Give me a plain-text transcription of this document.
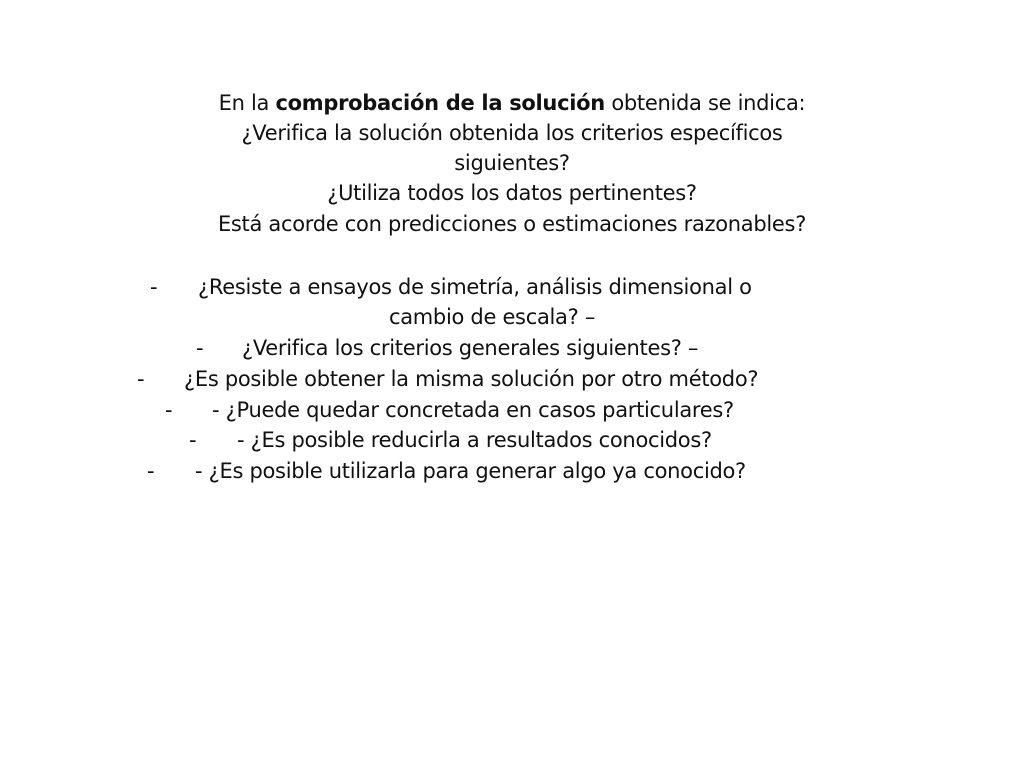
En la comprobación de la solución obtenida se indica:
¿Verifica la solución obtenida los criterios específicos
siguientes?
¿Utiliza todos los datos pertinentes?
Está acorde con predicciones o estimaciones razonables?
- ¿Resiste a ensayos de simetría, análisis dimensional o
cambio de escala? –
- ¿Verifica los criterios generales siguientes? –
- ¿Es posible obtener la misma solución por otro método?
- - ¿Puede quedar concretada en casos particulares?
- - ¿Es posible reducirla a resultados conocidos?
- - ¿Es posible utilizarla para generar algo ya conocido?
